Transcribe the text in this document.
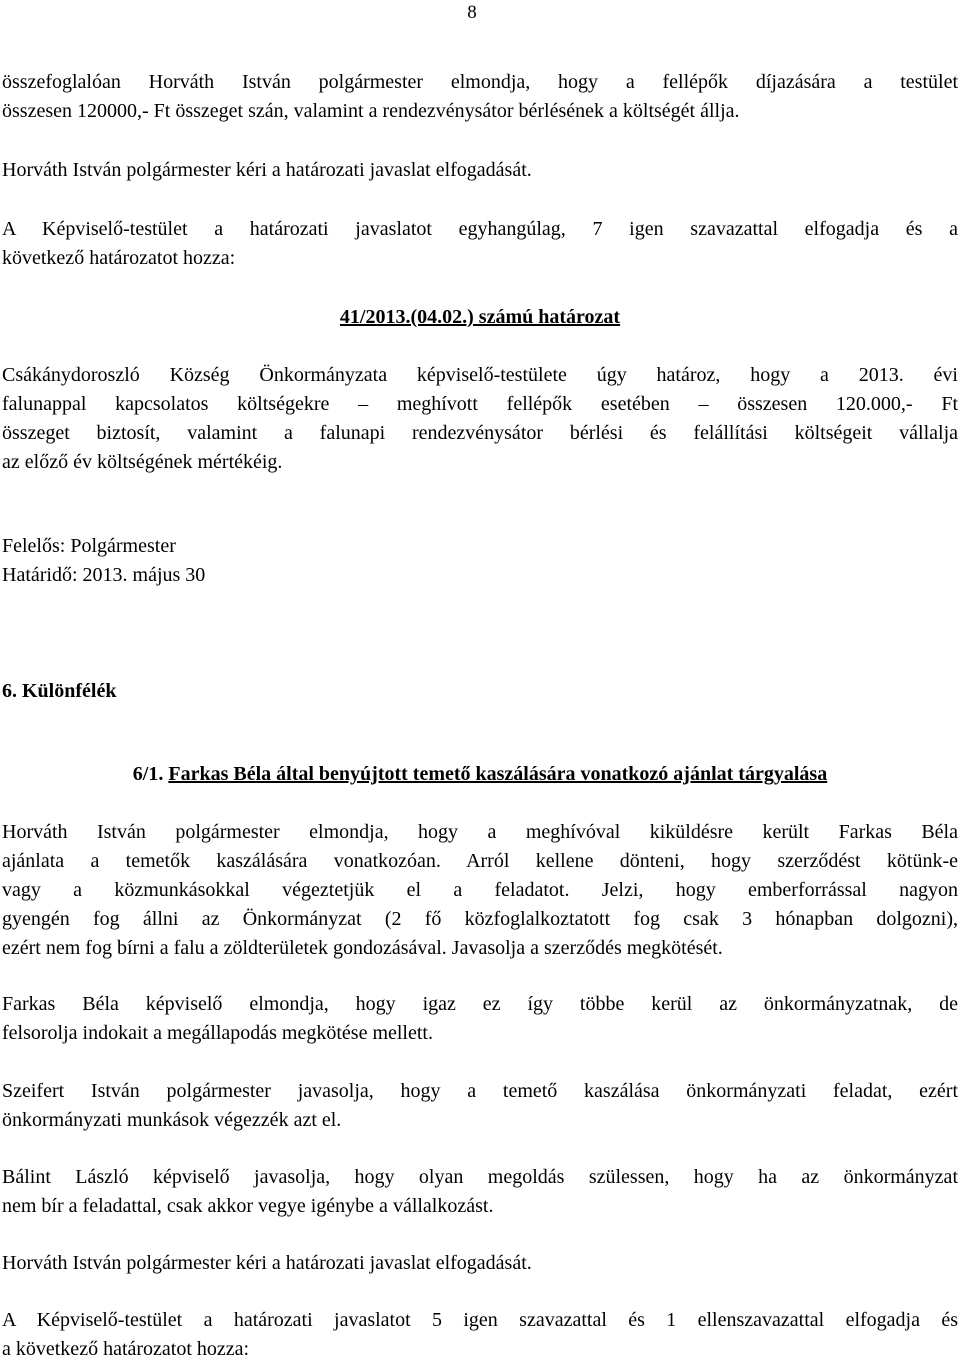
8
összefoglalóan Horváth István polgármester elmondja, hogy a fellépők díjazására a testület
összesen 120000,- Ft összeget szán, valamint a rendezvénysátor bérlésének a költségét állja.
Horváth István polgármester kéri a határozati javaslat elfogadását.
A Képviselő-testület a határozati javaslatot egyhangúlag, 7 igen szavazattal elfogadja és a
következő határozatot hozza:
41/2013.(04.02.) számú határozat
Csákánydoroszló Község Önkormányzata képviselő-testülete úgy határoz, hogy a 2013. évi
falunappal kapcsolatos költségekre – meghívott fellépők esetében – összesen 120.000,- Ft
összeget biztosít, valamint a falunapi rendezvénysátor bérlési és felállítási költségeit vállalja
az előző év költségének mértékéig.
Felelős: Polgármester
Határidő: 2013. május 30
6. Különfélék
6/1. Farkas Béla által benyújtott temető kaszálására vonatkozó ajánlat tárgyalása
Horváth István polgármester elmondja, hogy a meghívóval kiküldésre került Farkas Béla
ajánlata a temetők kaszálására vonatkozóan. Arról kellene dönteni, hogy szerződést kötünk-e
vagy a közmunkásokkal végeztetjük el a feladatot. Jelzi, hogy emberforrással nagyon
gyengén fog állni az Önkormányzat (2 fő közfoglalkoztatott fog csak 3 hónapban dolgozni),
ezért nem fog bírni a falu a zöldterületek gondozásával. Javasolja a szerződés megkötését.
Farkas Béla képviselő elmondja, hogy igaz ez így többe kerül az önkormányzatnak, de
felsorolja indokait a megállapodás megkötése mellett.
Szeifert István polgármester javasolja, hogy a temető kaszálása önkormányzati feladat, ezért
önkormányzati munkások végezzék azt el.
Bálint László képviselő javasolja, hogy olyan megoldás szülessen, hogy ha az önkormányzat
nem bír a feladattal, csak akkor vegye igénybe a vállalkozást.
Horváth István polgármester kéri a határozati javaslat elfogadását.
A Képviselő-testület a határozati javaslatot 5 igen szavazattal és 1 ellenszavazattal elfogadja és
a következő határozatot hozza:
